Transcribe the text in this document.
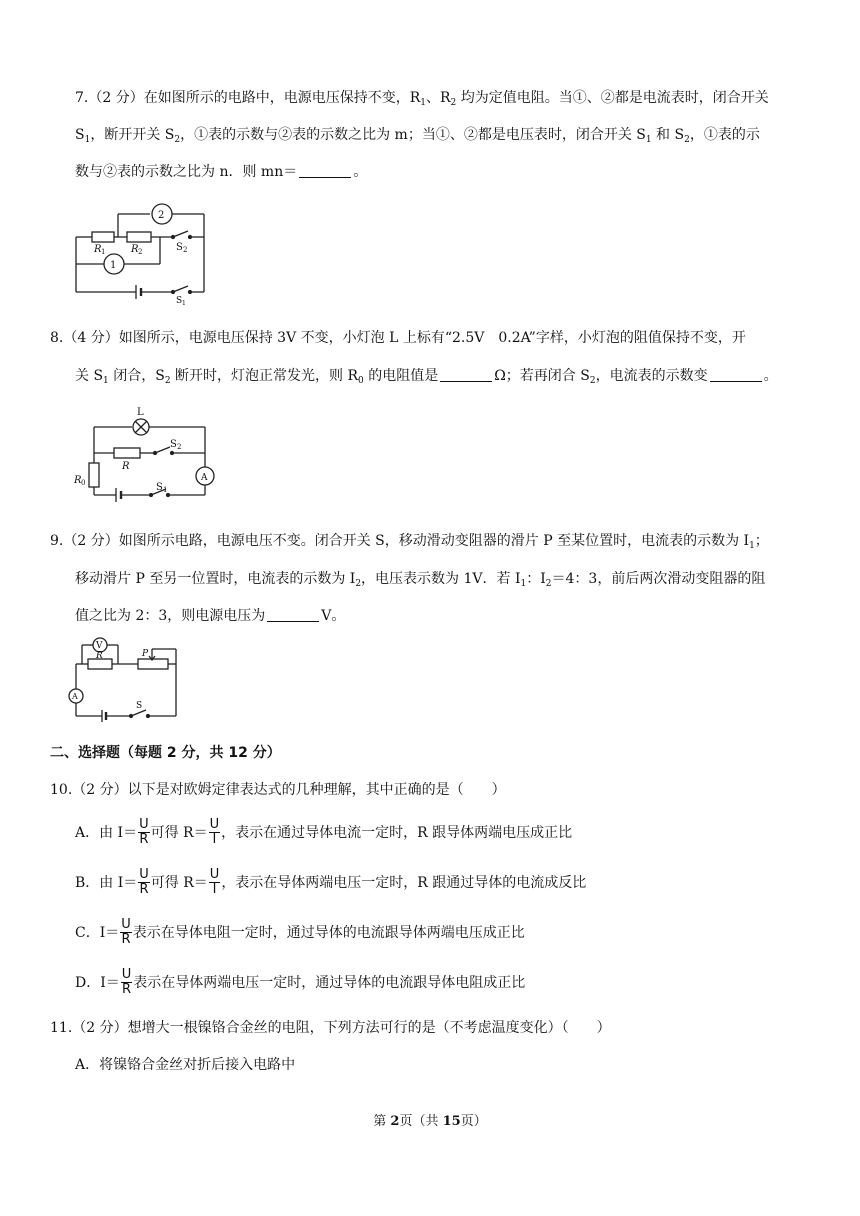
7.（2 分）在如图所示的电路中，电源电压保持不变，$R_1$、$R_2$ 均为定值电阻。当①、②都是电流表时，闭合开关
$S_1$，断开开关 $S_2$，①表的示数与②表的示数之比为 m；当①、②都是电压表时，闭合开关 $S_1$ 和 $S_2$，①表的示
数与②表的示数之比为 n．则 mn＝	。
2
1
R 1	R 2	S 2
S 1
8.（4 分）如图所示，电源电压保持 3V 不变，小灯泡 L 上标有“2.5V　0.2A”字样，小灯泡的阻值保持不变，开
关 $S_1$ 闭合，$S_2$ 断开时，灯泡正常发光，则 $R_0$ 的电阻值是	Ω；若再闭合 $S_2$，电流表的示数变	。
L
R
S 2
R 0	A
S 1
9.（2 分）如图所示电路，电源电压不变。闭合开关 S，移动滑动变阻器的滑片 P 至某位置时，电流表的示数为 $I_1$；
移动滑片 P 至另一位置时，电流表的示数为 $I_2$，电压表示数为 1V．若 $I_1$：$I_2=4$：3，前后两次滑动变阻器的阻
值之比为 2：3，则电源电压为	V。
V
R	P
A
S
二、选择题（每题 2 分，共 12 分）
10.（2 分）以下是对欧姆定律表达式的几种理解，其中正确的是（　　）
A．由 $I= \frac{U}{R}$ 可得 $R= \frac{U}{I}$ ，表示在通过导体电流一定时，R 跟导体两端电压成正比
B．由 $I= \frac{U}{R}$ 可得 $R= \frac{U}{I}$ ，表示在导体两端电压一定时，R 跟通过导体的电流成反比
C．$I= \frac{U}{R}$ 表示在导体电阻一定时，通过导体的电流跟导体两端电压成正比
D．$I= \frac{U}{R}$ 表示在导体两端电压一定时，通过导体的电流跟导体电阻成正比
11.（2 分）想增大一根镍铬合金丝的电阻，下列方法可行的是（不考虑温度变化）（　　）
A．将镍铬合金丝对折后接入电路中
第 2页（共 15页）
